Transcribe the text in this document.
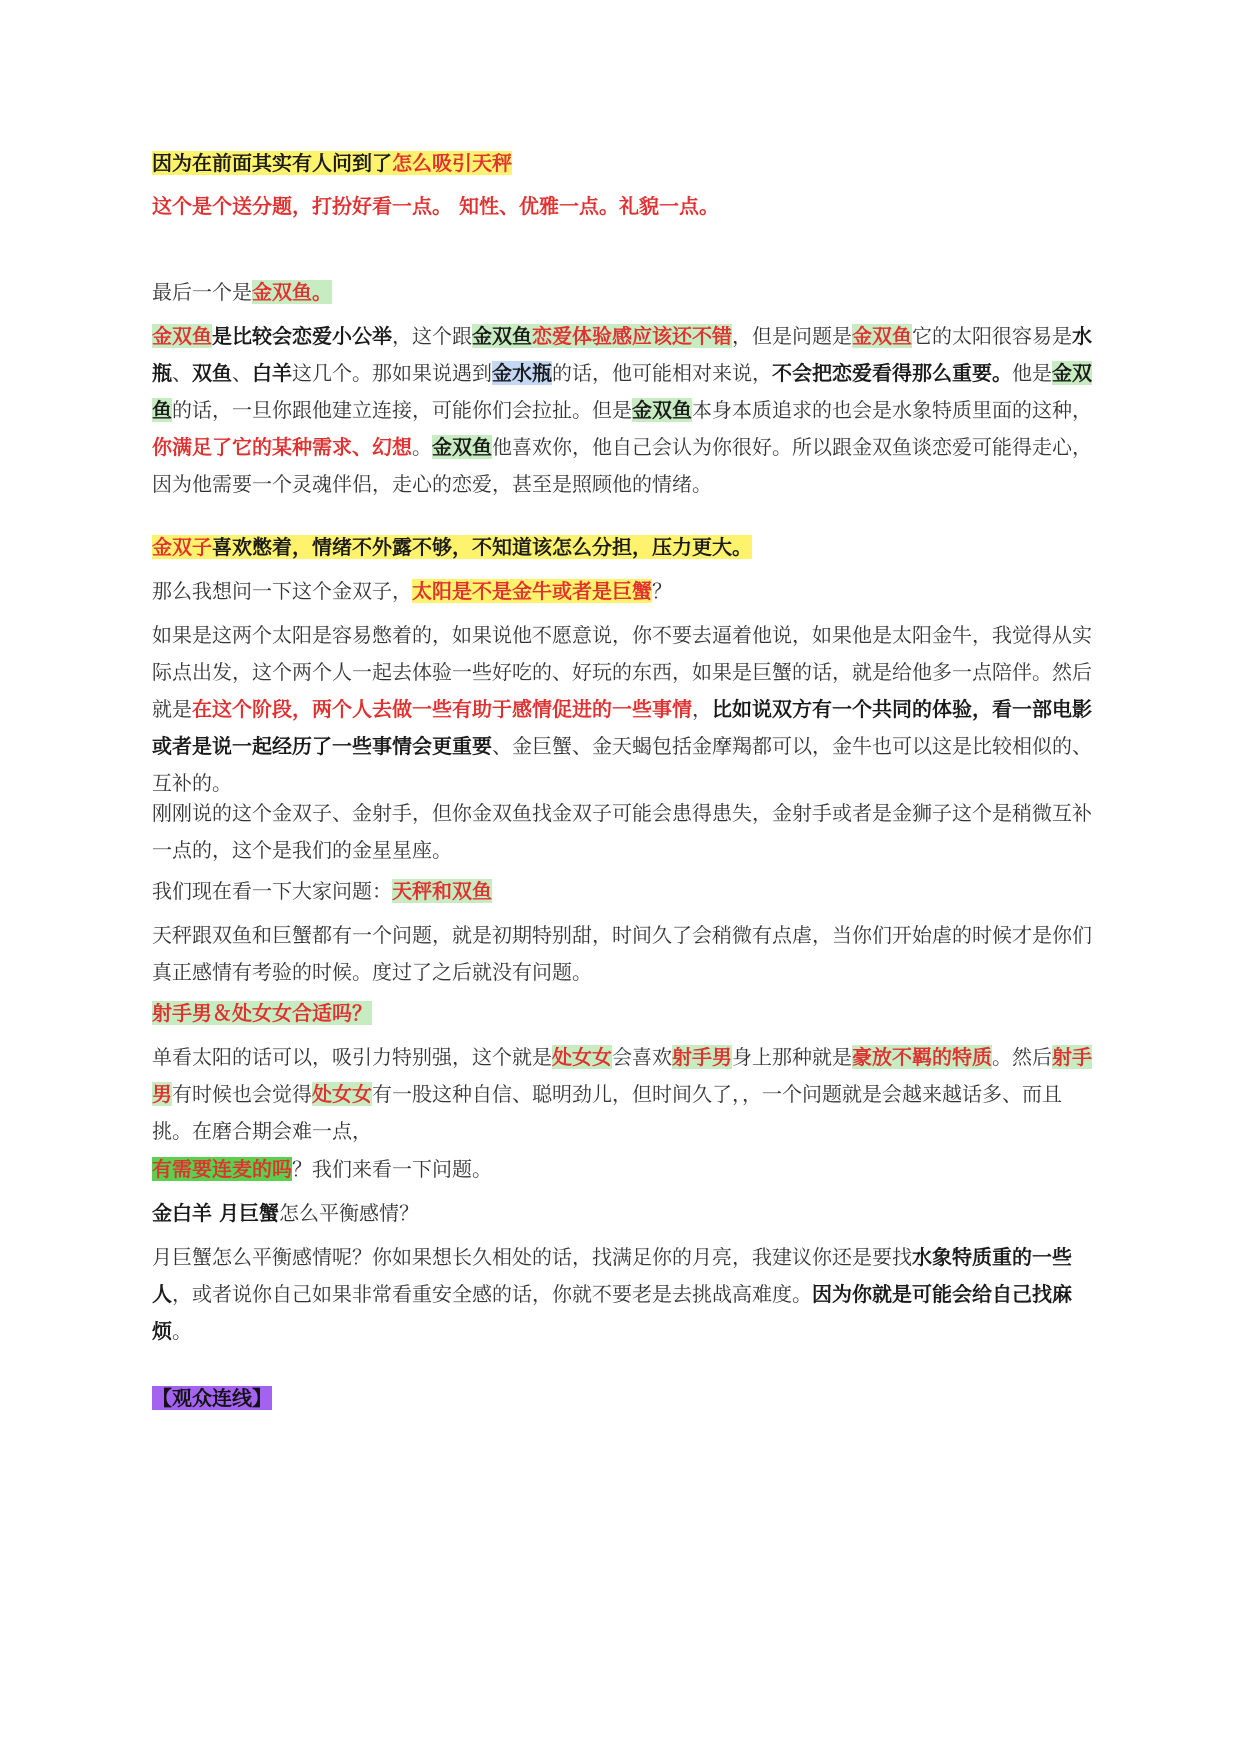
因为在前面其实有人问到了怎么吸引天秤

这个是个送分题，打扮好看一点。 知性、优雅一点。礼貌一点。

最后一个是金双鱼。

金双鱼是比较会恋爱小公举，这个跟金双鱼恋爱体验感应该还不错，但是问题是金双鱼它的太阳很容易是水瓶、双鱼、白羊这几个。那如果说遇到金水瓶的话，他可能相对来说，不会把恋爱看得那么重要。他是金双鱼的话，一旦你跟他建立连接，可能你们会拉扯。但是金双鱼本身本质追求的也会是水象特质里面的这种，你满足了它的某种需求、幻想。金双鱼他喜欢你，他自己会认为你很好。所以跟金双鱼谈恋爱可能得走心，因为他需要一个灵魂伴侣，走心的恋爱，甚至是照顾他的情绪。

金双子喜欢憋着，情绪不外露不够，不知道该怎么分担，压力更大。

那么我想问一下这个金双子，太阳是不是金牛或者是巨蟹？

如果是这两个太阳是容易憋着的，如果说他不愿意说，你不要去逼着他说，如果他是太阳金牛，我觉得从实际点出发，这个两个人一起去体验一些好吃的、好玩的东西，如果是巨蟹的话，就是给他多一点陪伴。然后就是在这个阶段，两个人去做一些有助于感情促进的一些事情，比如说双方有一个共同的体验，看一部电影或者是说一起经历了一些事情会更重要、金巨蟹、金天蝎包括金摩羯都可以，金牛也可以这是比较相似的、互补的。

刚刚说的这个金双子、金射手，但你金双鱼找金双子可能会患得患失，金射手或者是金狮子这个是稍微互补一点的，这个是我们的金星星座。

我们现在看一下大家问题：天秤和双鱼

天秤跟双鱼和巨蟹都有一个问题，就是初期特别甜，时间久了会稍微有点虐，当你们开始虐的时候才是你们真正感情有考验的时候。度过了之后就没有问题。

射手男＆处女女合适吗？

单看太阳的话可以，吸引力特别强，这个就是处女女会喜欢射手男身上那种就是豪放不羁的特质。然后射手男有时候也会觉得处女女有一股这种自信、聪明劲儿，但时间久了，，一个问题就是会越来越话多、而且挑。在磨合期会难一点，

有需要连麦的吗？我们来看一下问题。

金白羊 月巨蟹怎么平衡感情？

月巨蟹怎么平衡感情呢？你如果想长久相处的话，找满足你的月亮，我建议你还是要找水象特质重的一些人，或者说你自己如果非常看重安全感的话，你就不要老是去挑战高难度。因为你就是可能会给自己找麻烦。

【观众连线】
